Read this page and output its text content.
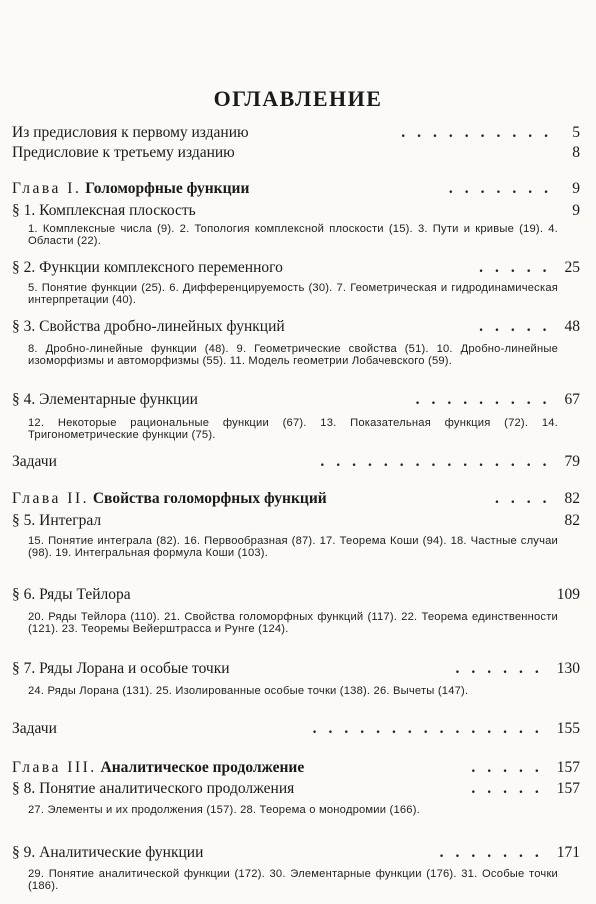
ОГЛАВЛЕНИЕ
Из предисловия к первому изданию	.......... 5
Предисловие к третьему изданию	8
Глава I. Голоморфные функции	....... 9
§ 1. Комплексная плоскость	9
1. Комплексные числа (9). 2. Топология комплексной плоскости (15). 3. Пути и кривые (19). 4. Области (22).
§ 2. Функции комплексного переменного	..... 25
5. Понятие функции (25). 6. Дифференцируемость (30). 7. Геометрическая и гидродинамическая интерпретации (40).
§ 3. Свойства дробно-линейных функций	..... 48
8. Дробно-линейные функции (48). 9. Геометрические свойства (51). 10. Дробно-линейные изоморфизмы и автоморфизмы (55). 11. Модель геометрии Лобачевского (59).
§ 4. Элементарные функции	......... 67
12. Некоторые рациональные функции (67). 13. Показательная функция (72). 14. Тригонометрические функции (75).
Задачи	............... 79
Глава II. Свойства голоморфных функций	.... 82
§ 5. Интеграл	82
15. Понятие интеграла (82). 16. Первообразная (87). 17. Теорема Коши (94). 18. Частные случаи (98). 19. Интегральная формула Коши (103).
§ 6. Ряды Тейлора	109
20. Ряды Тейлора (110). 21. Свойства голоморфных функций (117). 22. Теорема единственности (121). 23. Теоремы Вейерштрасса и Рунге (124).
§ 7. Ряды Лорана и особые точки	...... 130
24. Ряды Лорана (131). 25. Изолированные особые точки (138). 26. Вычеты (147).
Задачи	............... 155
Глава III. Аналитическое продолжение	..... 157
§ 8. Понятие аналитического продолжения	..... 157
27. Элементы и их продолжения (157). 28. Теорема о монодромии (166).
§ 9. Аналитические функции	....... 171
29. Понятие аналитической функции (172). 30. Элементарные функции (176). 31. Особые точки (186).
